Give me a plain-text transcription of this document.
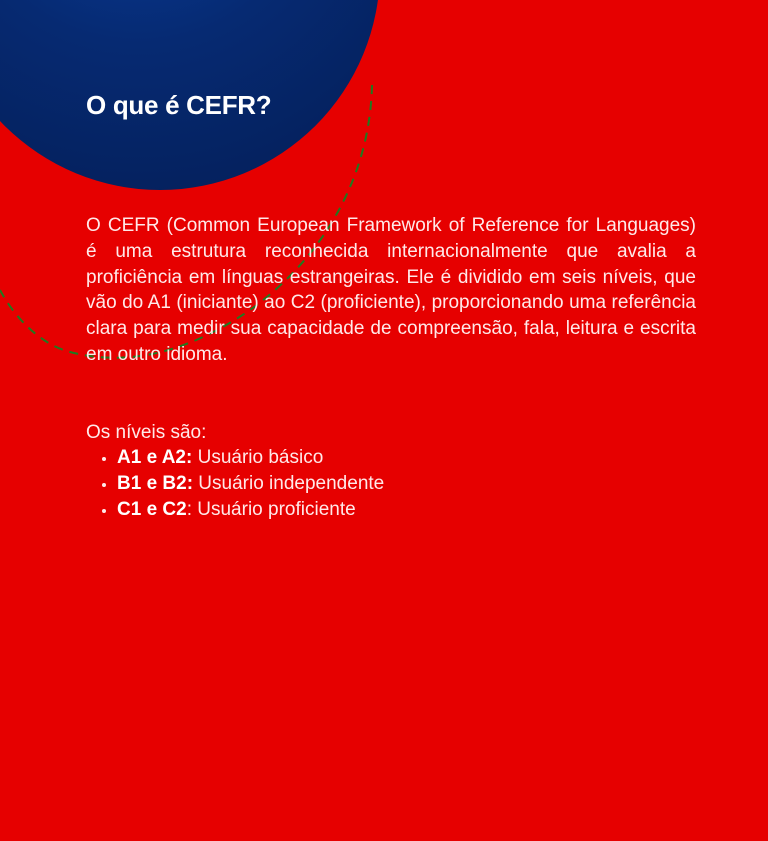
O que é CEFR?

O CEFR (Common European Framework of Reference for Languages) é uma estrutura reconhecida internacionalmente que avalia a proficiência em línguas estrangeiras. Ele é dividido em seis níveis, que vão do A1 (iniciante) ao C2 (proficiente), proporcionando uma referência clara para medir sua capacidade de compreensão, fala, leitura e escrita em outro idioma.

Os níveis são:

• A1 e A2: Usuário básico
• B1 e B2: Usuário independente
• C1 e C2: Usuário proficiente
